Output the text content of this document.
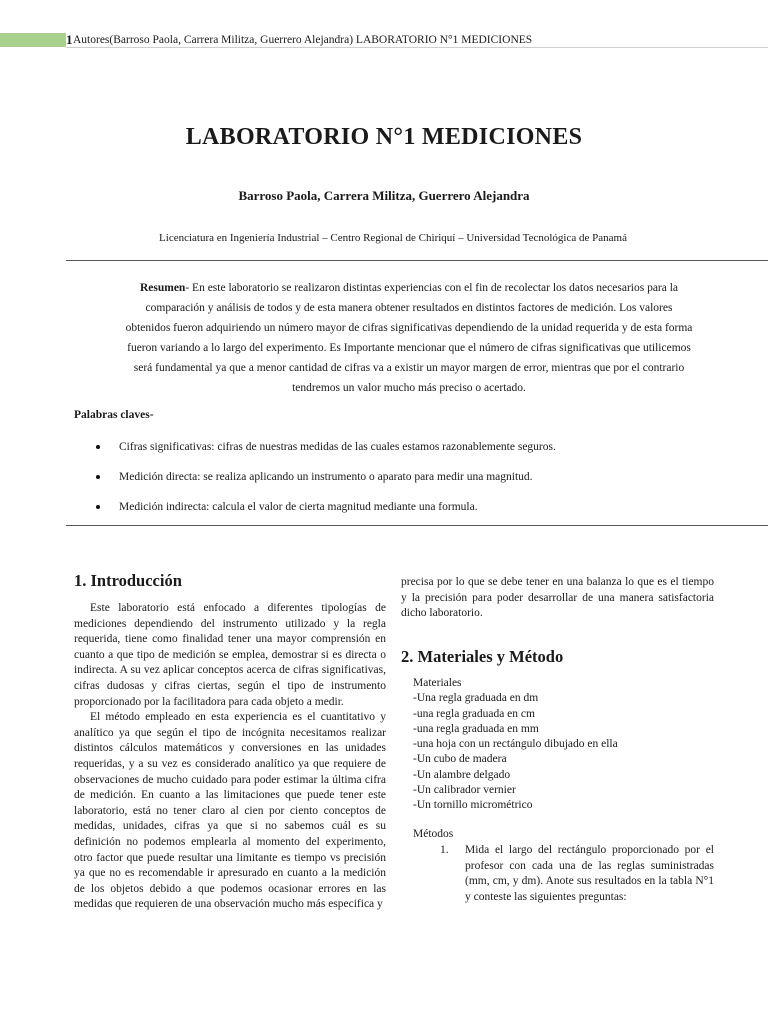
1 Autores(Barroso Paola, Carrera Militza, Guerrero Alejandra) LABORATORIO N°1 MEDICIONES
LABORATORIO N°1 MEDICIONES
Barroso Paola, Carrera Militza, Guerrero Alejandra
Licenciatura en Ingeniería Industrial – Centro Regional de Chiriquí – Universidad Tecnológica de Panamá
Resumen- En este laboratorio se realizaron distintas experiencias con el fin de recolectar los datos necesarios para la
comparación y análisis de todos y de esta manera obtener resultados en distintos factores de medición. Los valores
obtenidos fueron adquiriendo un número mayor de cifras significativas dependiendo de la unidad requerida y de esta forma
fueron variando a lo largo del experimento. Es Importante mencionar que el número de cifras significativas que utilicemos
será fundamental ya que a menor cantidad de cifras va a existir un mayor margen de error, mientras que por el contrario
tendremos un valor mucho más preciso o acertado.
Palabras claves-
Cifras significativas: cifras de nuestras medidas de las cuales estamos razonablemente seguros.
Medición directa: se realiza aplicando un instrumento o aparato para medir una magnitud.
Medición indirecta: calcula el valor de cierta magnitud mediante una formula.
1. Introducción

Este laboratorio está enfocado a diferentes tipologías de mediciones dependiendo del instrumento utilizado y la regla requerida, tiene como finalidad tener una mayor comprensión en cuanto a que tipo de medición se emplea, demostrar si es directa o indirecta. A su vez aplicar conceptos acerca de cifras significativas, cifras dudosas y cifras ciertas, según el tipo de instrumento proporcionado por la facilitadora para cada objeto a medir.

El método empleado en esta experiencia es el cuantitativo y analítico ya que según el tipo de incógnita necesitamos realizar distintos cálculos matemáticos y conversiones en las unidades requeridas, y a su vez es considerado analítico ya que requiere de observaciones de mucho cuidado para poder estimar la última cifra de medición. En cuanto a las limitaciones que puede tener este laboratorio, está no tener claro al cien por ciento conceptos de medidas, unidades, cifras ya que si no sabemos cuál es su definición no podemos emplearla al momento del experimento, otro factor que puede resultar una limitante es tiempo vs precisión ya que no es recomendable ir apresurado en cuanto a la medición de los objetos debido a que podemos ocasionar errores en las medidas que requieren de una observación mucho más especifica y

precisa por lo que se debe tener en una balanza lo que es el tiempo y la precisión para poder desarrollar de una manera satisfactoria dicho laboratorio.
2. Materiales y Método
Materiales
-Una regla graduada en dm
-una regla graduada en cm
-una regla graduada en mm
-una hoja con un rectángulo dibujado en ella
-Un cubo de madera
-Un alambre delgado
-Un calibrador vernier
-Un tornillo micrométrico
Métodos
1. Mida el largo del rectángulo proporcionado por el profesor con cada una de las reglas suministradas (mm, cm, y dm). Anote sus resultados en la tabla N°1 y conteste las siguientes preguntas:
